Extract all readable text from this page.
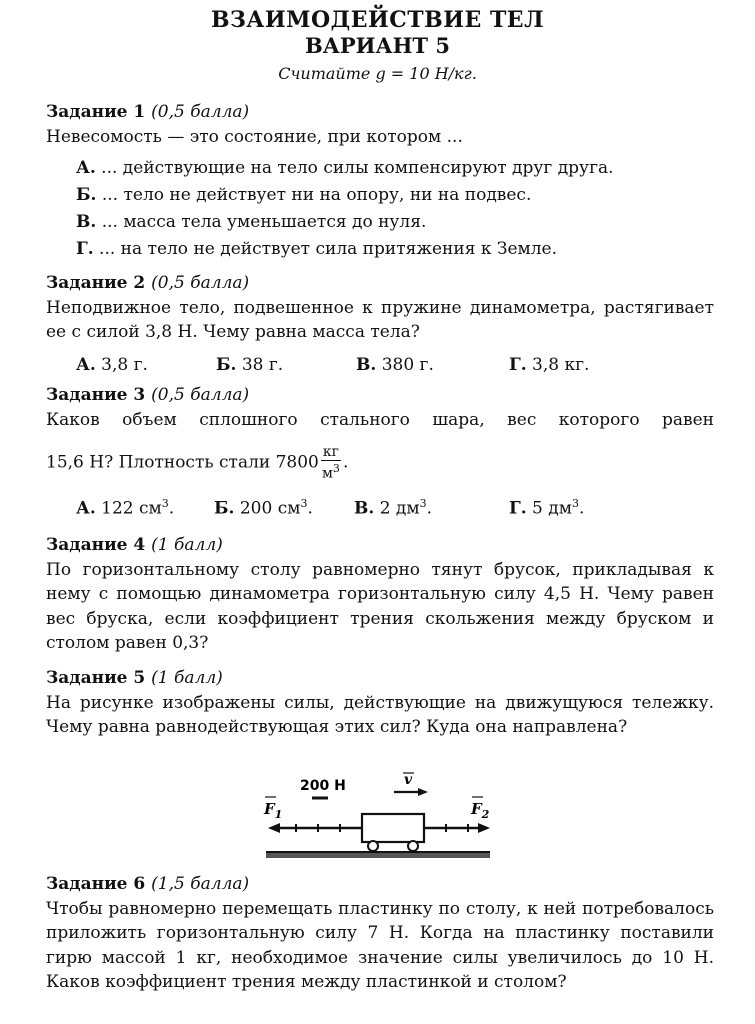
ВЗАИМОДЕЙСТВИЕ ТЕЛ
ВАРИАНТ 5
Считайте g = 10 Н/кг.
Задание 1 (0,5 балла)
Невесомость — это состояние, при котором ...
А. ... действующие на тело силы компенсируют друг друга.
Б. ... тело не действует ни на опору, ни на подвес.
В. ... масса тела уменьшается до нуля.
Г. ... на тело не действует сила притяжения к Земле.
Задание 2 (0,5 балла)
Неподвижное тело, подвешенное к пружине динамометра, растягивает ее с силой 3,8 Н. Чему равна масса тела?
А. 3,8 г.	Б. 38 г.	В. 380 г.	Г. 3,8 кг.
Задание 3 (0,5 балла)
Каков объем сплошного стального шара, вес которого равен
15,6 Н? Плотность стали $7800 \frac{кг}{м^3}$ .
А. 122 $см^3$.	Б. 200 $см^3$.	В. 2 $дм^3$.	Г. 5 $дм^3$.
Задание 4 (1 балл)
По горизонтальному столу равномерно тянут брусок, прикладывая к нему с помощью динамометра горизонтальную силу 4,5 Н. Чему равен вес бруска, если коэффициент трения скольжения между бруском и столом равен 0,3?
Задание 5 (1 балл)
На рисунке изображены силы, действующие на движущуюся тележку. Чему равна равнодействующая этих сил? Куда она направлена?
200 Н	v
$F_1$	$F_2$
Задание 6 (1,5 балла)
Чтобы равномерно перемещать пластинку по столу, к ней потребовалось приложить горизонтальную силу 7 Н. Когда на пластинку поставили гирю массой 1 кг, необходимое значение силы увеличилось до 10 Н. Каков коэффициент трения между пластинкой и столом?
